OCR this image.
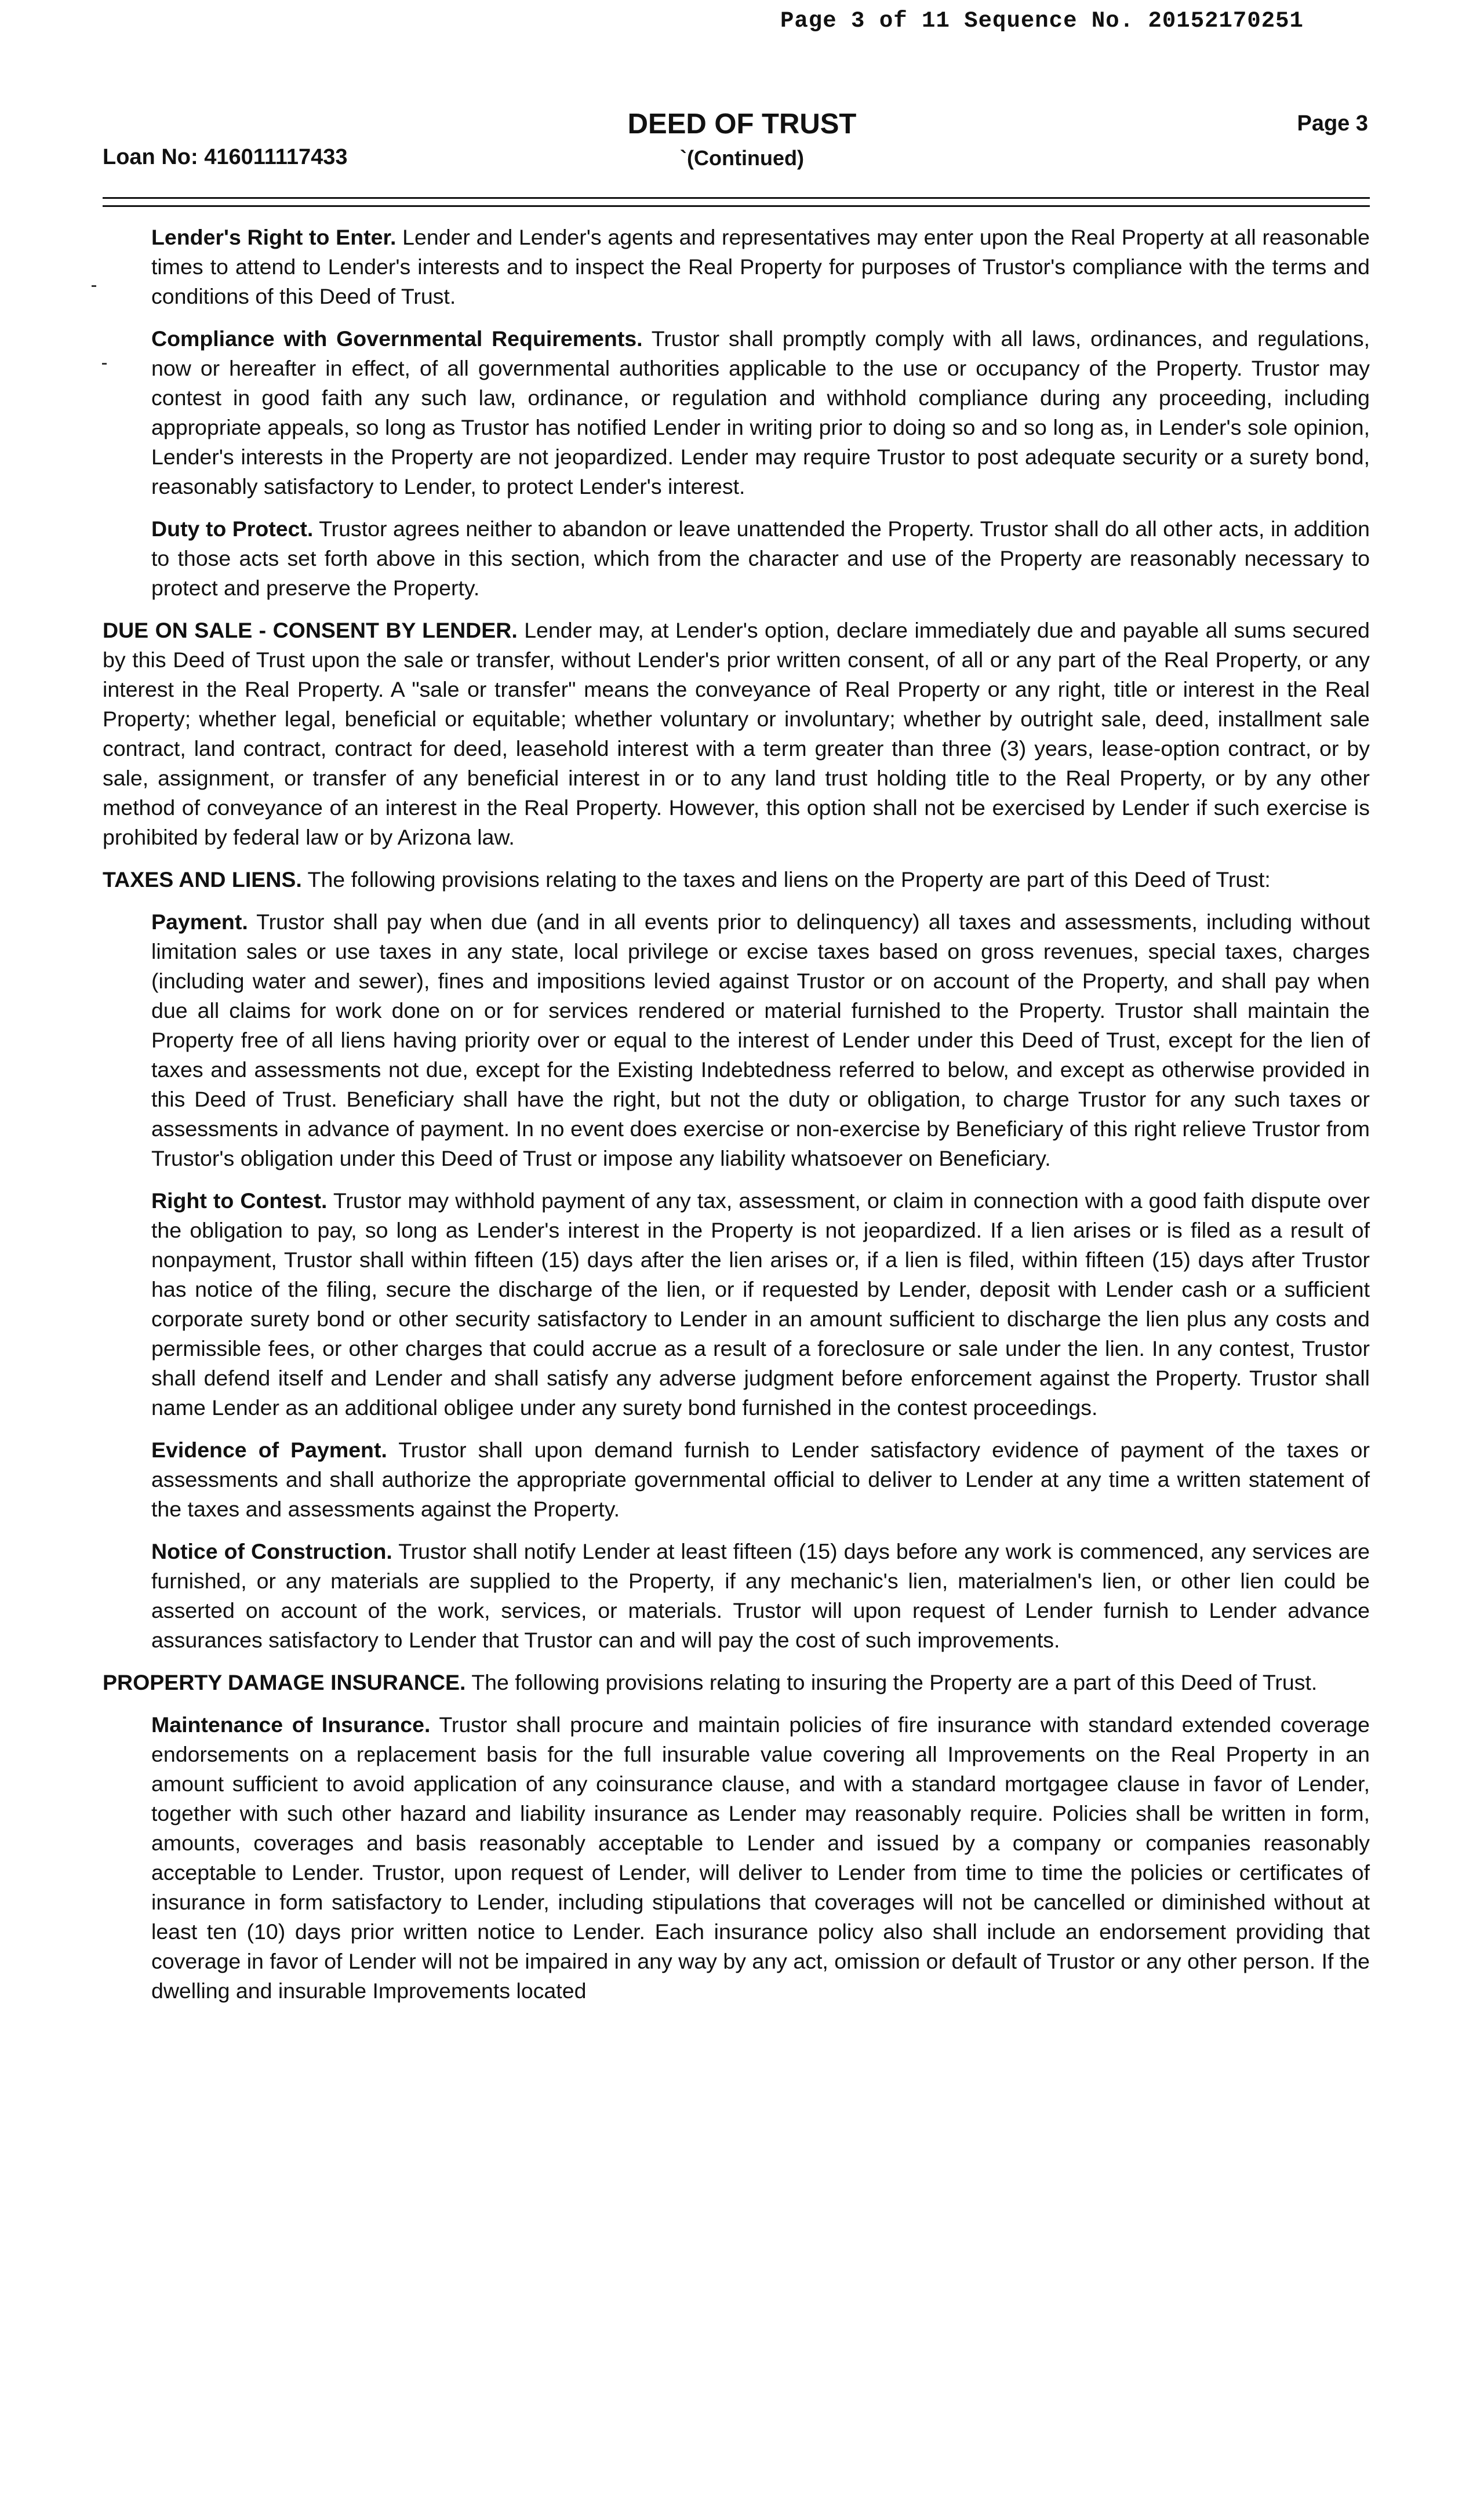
Page 3 of 11 Sequence No. 20152170251
Loan No: 416011117433
DEED OF TRUST
`(Continued)
Page 3

Lender's Right to Enter. Lender and Lender's agents and representatives may enter upon the Real Property at all reasonable times to attend to Lender's interests and to inspect the Real Property for purposes of Trustor's compliance with the terms and conditions of this Deed of Trust.

Compliance with Governmental Requirements. Trustor shall promptly comply with all laws, ordinances, and regulations, now or hereafter in effect, of all governmental authorities applicable to the use or occupancy of the Property. Trustor may contest in good faith any such law, ordinance, or regulation and withhold compliance during any proceeding, including appropriate appeals, so long as Trustor has notified Lender in writing prior to doing so and so long as, in Lender's sole opinion, Lender's interests in the Property are not jeopardized. Lender may require Trustor to post adequate security or a surety bond, reasonably satisfactory to Lender, to protect Lender's interest.

Duty to Protect. Trustor agrees neither to abandon or leave unattended the Property. Trustor shall do all other acts, in addition to those acts set forth above in this section, which from the character and use of the Property are reasonably necessary to protect and preserve the Property.

DUE ON SALE - CONSENT BY LENDER. Lender may, at Lender's option, declare immediately due and payable all sums secured by this Deed of Trust upon the sale or transfer, without Lender's prior written consent, of all or any part of the Real Property, or any interest in the Real Property. A "sale or transfer" means the conveyance of Real Property or any right, title or interest in the Real Property; whether legal, beneficial or equitable; whether voluntary or involuntary; whether by outright sale, deed, installment sale contract, land contract, contract for deed, leasehold interest with a term greater than three (3) years, lease-option contract, or by sale, assignment, or transfer of any beneficial interest in or to any land trust holding title to the Real Property, or by any other method of conveyance of an interest in the Real Property. However, this option shall not be exercised by Lender if such exercise is prohibited by federal law or by Arizona law.

TAXES AND LIENS. The following provisions relating to the taxes and liens on the Property are part of this Deed of Trust:

Payment. Trustor shall pay when due (and in all events prior to delinquency) all taxes and assessments, including without limitation sales or use taxes in any state, local privilege or excise taxes based on gross revenues, special taxes, charges (including water and sewer), fines and impositions levied against Trustor or on account of the Property, and shall pay when due all claims for work done on or for services rendered or material furnished to the Property. Trustor shall maintain the Property free of all liens having priority over or equal to the interest of Lender under this Deed of Trust, except for the lien of taxes and assessments not due, except for the Existing Indebtedness referred to below, and except as otherwise provided in this Deed of Trust. Beneficiary shall have the right, but not the duty or obligation, to charge Trustor for any such taxes or assessments in advance of payment. In no event does exercise or non-exercise by Beneficiary of this right relieve Trustor from Trustor's obligation under this Deed of Trust or impose any liability whatsoever on Beneficiary.

Right to Contest. Trustor may withhold payment of any tax, assessment, or claim in connection with a good faith dispute over the obligation to pay, so long as Lender's interest in the Property is not jeopardized. If a lien arises or is filed as a result of nonpayment, Trustor shall within fifteen (15) days after the lien arises or, if a lien is filed, within fifteen (15) days after Trustor has notice of the filing, secure the discharge of the lien, or if requested by Lender, deposit with Lender cash or a sufficient corporate surety bond or other security satisfactory to Lender in an amount sufficient to discharge the lien plus any costs and permissible fees, or other charges that could accrue as a result of a foreclosure or sale under the lien. In any contest, Trustor shall defend itself and Lender and shall satisfy any adverse judgment before enforcement against the Property. Trustor shall name Lender as an additional obligee under any surety bond furnished in the contest proceedings.

Evidence of Payment. Trustor shall upon demand furnish to Lender satisfactory evidence of payment of the taxes or assessments and shall authorize the appropriate governmental official to deliver to Lender at any time a written statement of the taxes and assessments against the Property.

Notice of Construction. Trustor shall notify Lender at least fifteen (15) days before any work is commenced, any services are furnished, or any materials are supplied to the Property, if any mechanic's lien, materialmen's lien, or other lien could be asserted on account of the work, services, or materials. Trustor will upon request of Lender furnish to Lender advance assurances satisfactory to Lender that Trustor can and will pay the cost of such improvements.

PROPERTY DAMAGE INSURANCE. The following provisions relating to insuring the Property are a part of this Deed of Trust.

Maintenance of Insurance. Trustor shall procure and maintain policies of fire insurance with standard extended coverage endorsements on a replacement basis for the full insurable value covering all Improvements on the Real Property in an amount sufficient to avoid application of any coinsurance clause, and with a standard mortgagee clause in favor of Lender, together with such other hazard and liability insurance as Lender may reasonably require. Policies shall be written in form, amounts, coverages and basis reasonably acceptable to Lender and issued by a company or companies reasonably acceptable to Lender. Trustor, upon request of Lender, will deliver to Lender from time to time the policies or certificates of insurance in form satisfactory to Lender, including stipulations that coverages will not be cancelled or diminished without at least ten (10) days prior written notice to Lender. Each insurance policy also shall include an endorsement providing that coverage in favor of Lender will not be impaired in any way by any act, omission or default of Trustor or any other person. If the dwelling and insurable Improvements located
